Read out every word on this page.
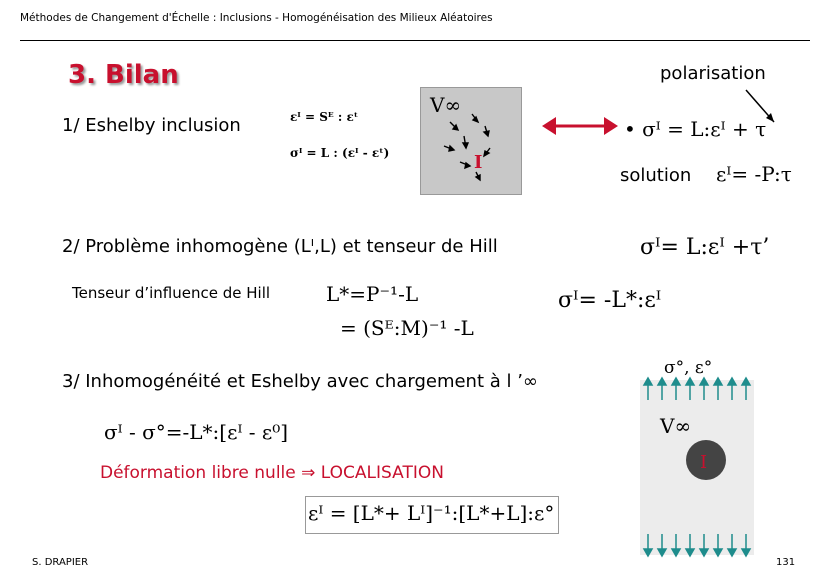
Méthodes de Changement d'Échelle : Inclusions - Homogénéisation des Milieux Aléatoires
3. Bilan	polarisation
1/ Eshelby inclusion	εᴵ = Sᴱ : εᵗ
σᴵ = L : (εᴵ - εᵗ)
V∞
I
• σᴵ = L:εᴵ + τ
solution εᴵ= -P:τ
2/ Problème inhomogène (Lᴵ,L) et tenseur de Hill	σᴵ= L:εᴵ +τ’
Tenseur d’influence de Hill	L*=P⁻¹-L
= (Sᴱ:M)⁻¹ -L
σᴵ= -L*:εᴵ
3/ Inhomogénéité et Eshelby avec chargement à l ’∞
σ°, ε°
V∞
I
σᴵ - σ°=-L*:[εᴵ - ε⁰]
Déformation libre nulle ⇒ LOCALISATION
εᴵ = [L*+ Lᴵ]⁻¹:[L*+L]:ε°
S. DRAPIER	131
